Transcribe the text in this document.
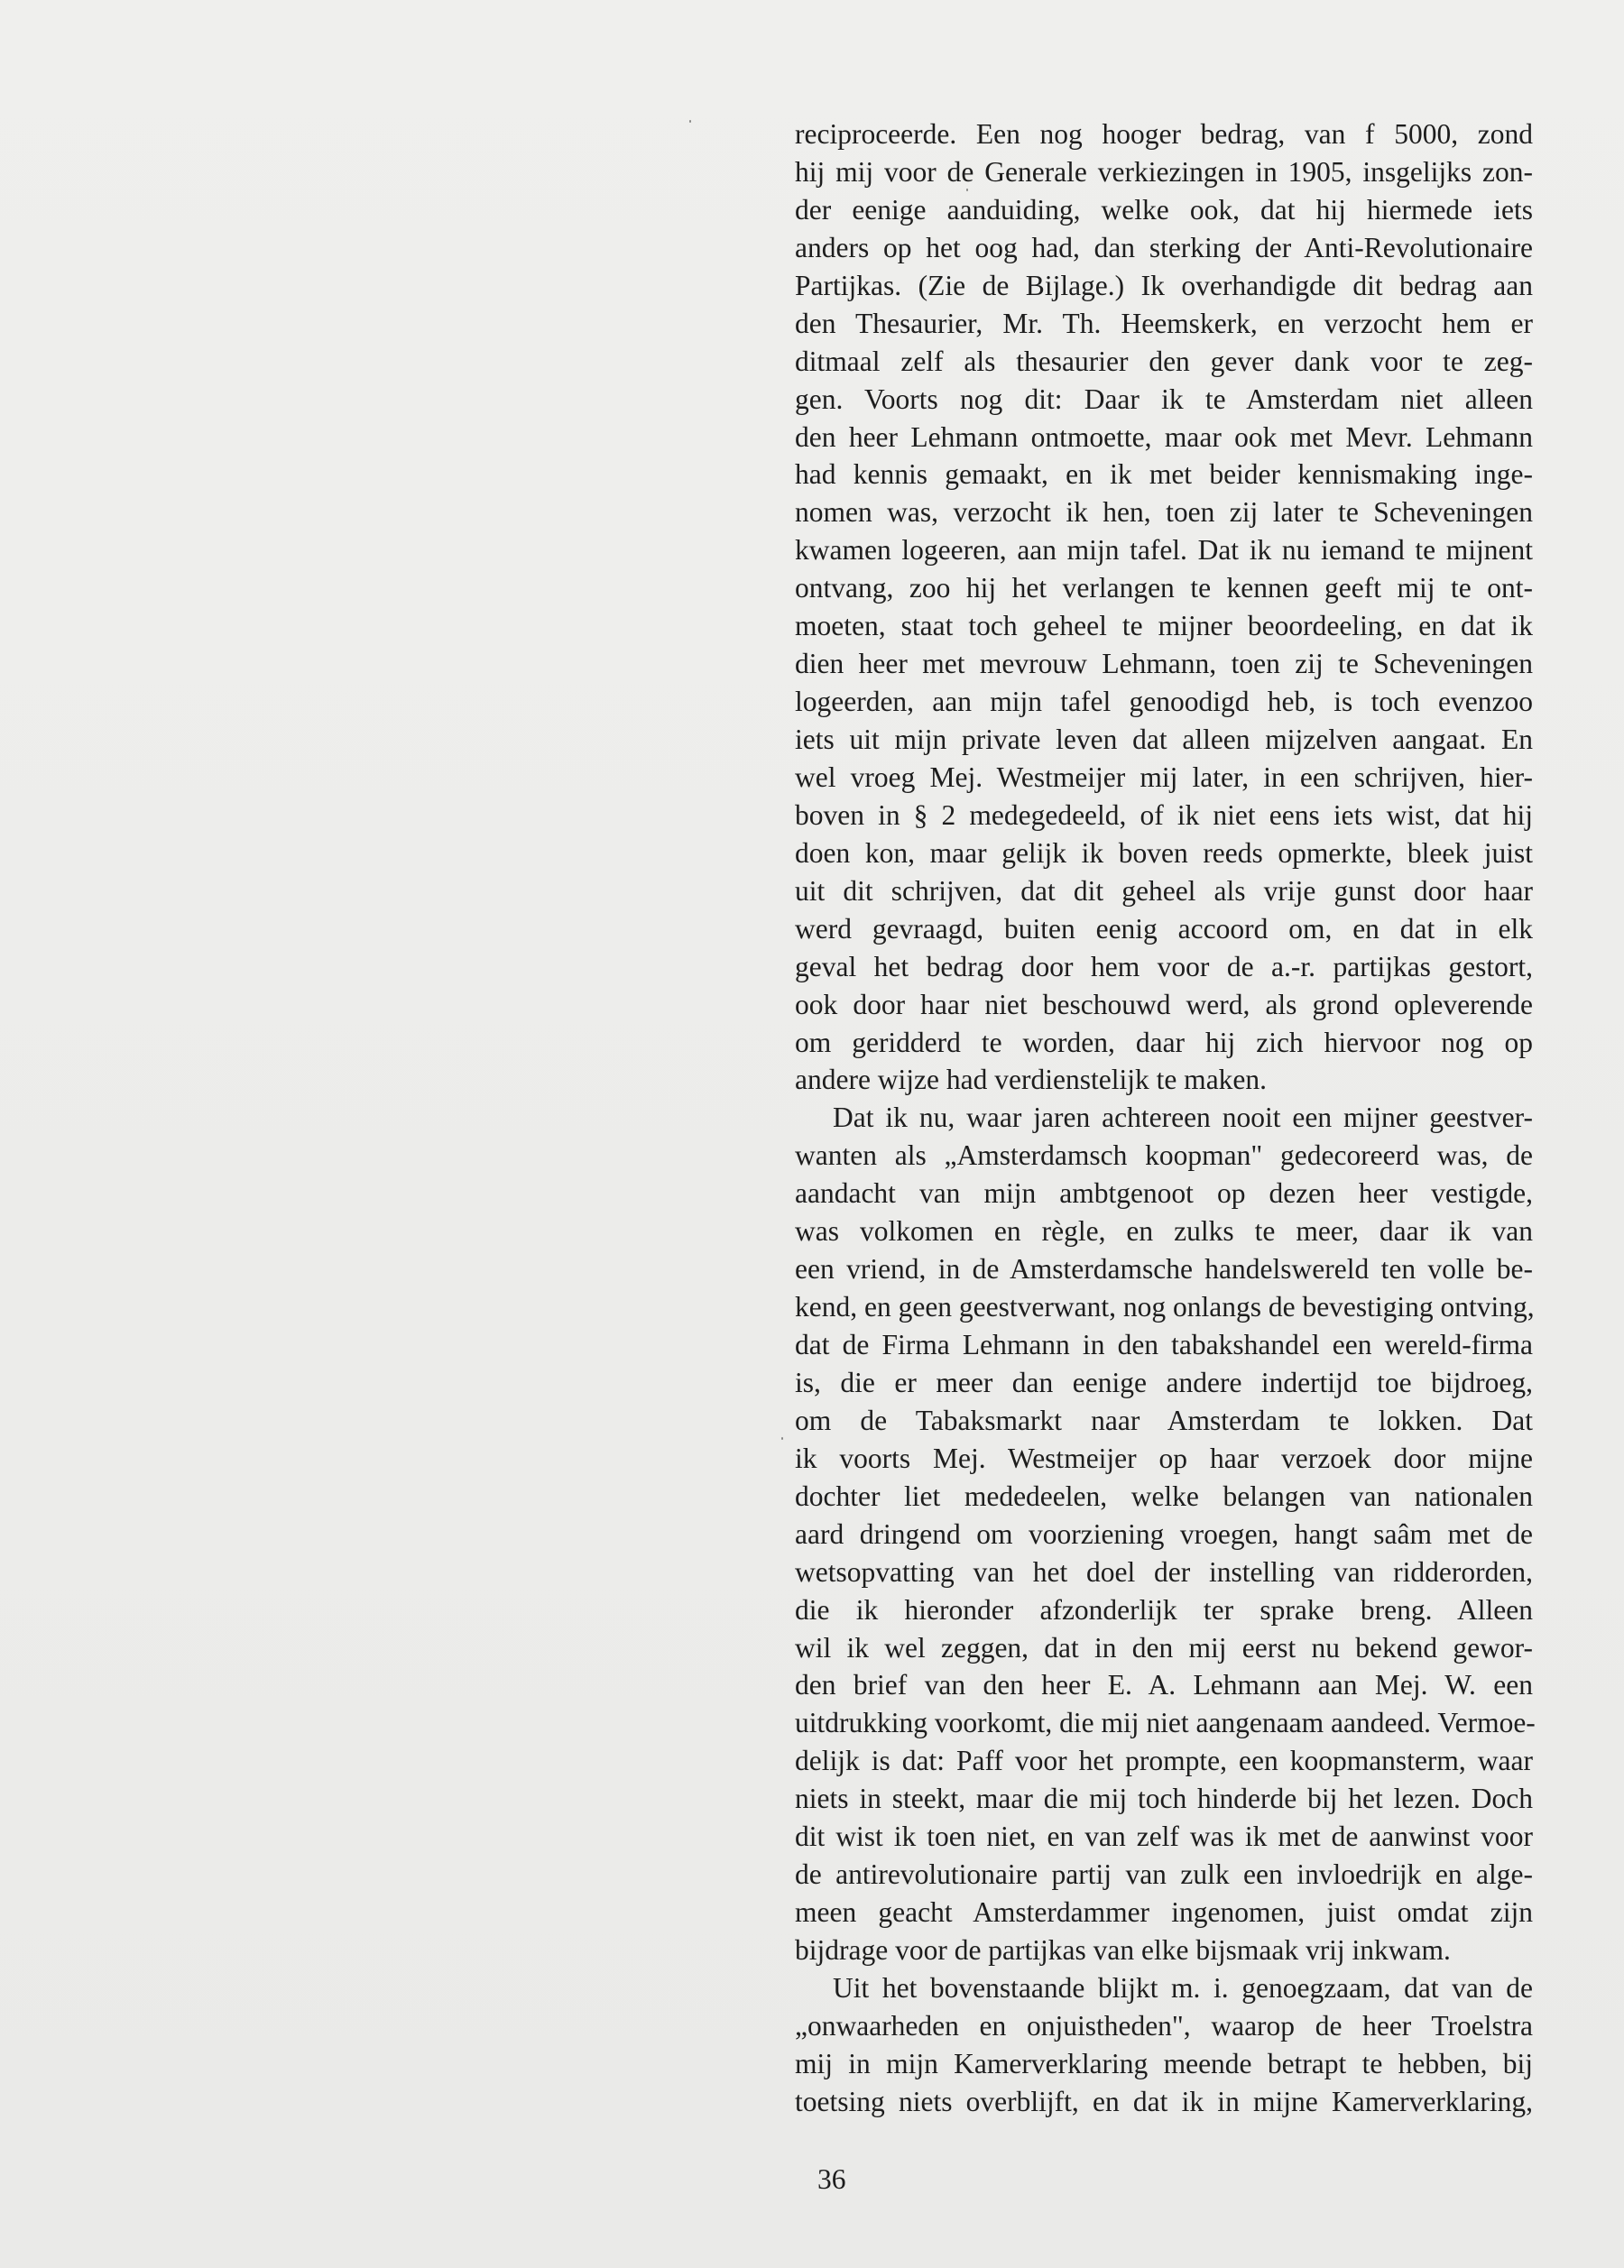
reciproceerde. Een nog hooger bedrag, van f 5000, zond
hij mij voor de Generale verkiezingen in 1905, insgelijks zon-
der eenige aanduiding, welke ook, dat hij hiermede iets
anders op het oog had, dan sterking der Anti-Revolutionaire
Partijkas. (Zie de Bijlage.) Ik overhandigde dit bedrag aan
den Thesaurier, Mr. Th. Heemskerk, en verzocht hem er
ditmaal zelf als thesaurier den gever dank voor te zeg-
gen. Voorts nog dit: Daar ik te Amsterdam niet alleen
den heer Lehmann ontmoette, maar ook met Mevr. Lehmann
had kennis gemaakt, en ik met beider kennismaking inge-
nomen was, verzocht ik hen, toen zij later te Scheveningen
kwamen logeeren, aan mijn tafel. Dat ik nu iemand te mijnent
ontvang, zoo hij het verlangen te kennen geeft mij te ont-
moeten, staat toch geheel te mijner beoordeeling, en dat ik
dien heer met mevrouw Lehmann, toen zij te Scheveningen
logeerden, aan mijn tafel genoodigd heb, is toch evenzoo
iets uit mijn private leven dat alleen mijzelven aangaat. En
wel vroeg Mej. Westmeijer mij later, in een schrijven, hier-
boven in § 2 medegedeeld, of ik niet eens iets wist, dat hij
doen kon, maar gelijk ik boven reeds opmerkte, bleek juist
uit dit schrijven, dat dit geheel als vrije gunst door haar
werd gevraagd, buiten eenig accoord om, en dat in elk
geval het bedrag door hem voor de a.-r. partijkas gestort,
ook door haar niet beschouwd werd, als grond opleverende
om geridderd te worden, daar hij zich hiervoor nog op
andere wijze had verdienstelijk te maken.
Dat ik nu, waar jaren achtereen nooit een mijner geestver-
wanten als „Amsterdamsch koopman" gedecoreerd was, de
aandacht van mijn ambtgenoot op dezen heer vestigde,
was volkomen en règle, en zulks te meer, daar ik van
een vriend, in de Amsterdamsche handelswereld ten volle be-
kend, en geen geestverwant, nog onlangs de bevestiging ontving,
dat de Firma Lehmann in den tabakshandel een wereld-firma
is, die er meer dan eenige andere indertijd toe bijdroeg,
om de Tabaksmarkt naar Amsterdam te lokken. Dat
ik voorts Mej. Westmeijer op haar verzoek door mijne
dochter liet mededeelen, welke belangen van nationalen
aard dringend om voorziening vroegen, hangt saâm met de
wetsopvatting van het doel der instelling van ridderorden,
die ik hieronder afzonderlijk ter sprake breng. Alleen
wil ik wel zeggen, dat in den mij eerst nu bekend gewor-
den brief van den heer E. A. Lehmann aan Mej. W. een
uitdrukking voorkomt, die mij niet aangenaam aandeed. Vermoe-
delijk is dat: Paff voor het prompte, een koopmansterm, waar
niets in steekt, maar die mij toch hinderde bij het lezen. Doch
dit wist ik toen niet, en van zelf was ik met de aanwinst voor
de antirevolutionaire partij van zulk een invloedrijk en alge-
meen geacht Amsterdammer ingenomen, juist omdat zijn
bijdrage voor de partijkas van elke bijsmaak vrij inkwam.
Uit het bovenstaande blijkt m. i. genoegzaam, dat van de
„onwaarheden en onjuistheden", waarop de heer Troelstra
mij in mijn Kamerverklaring meende betrapt te hebben, bij
toetsing niets overblijft, en dat ik in mijne Kamerverklaring,
36
